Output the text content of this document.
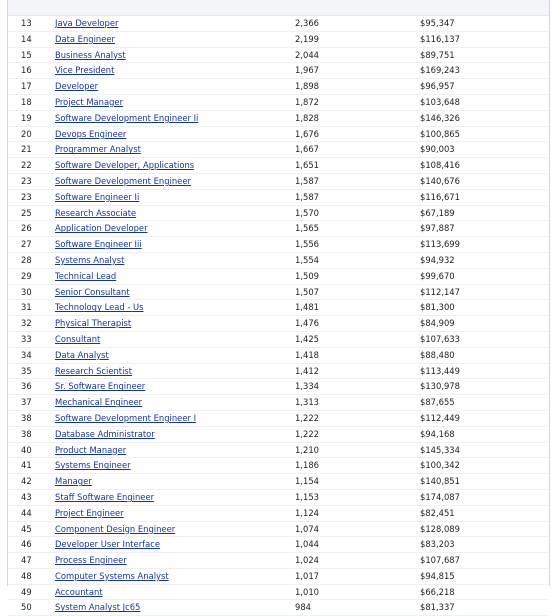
13	Java Developer	2,366	$95,347
14	Data Engineer	2,199	$116,137
15	Business Analyst	2,044	$89,751
16	Vice President	1,967	$169,243
17	Developer	1,898	$96,957
18	Project Manager	1,872	$103,648
19	Software Development Engineer Ii	1,828	$146,326
20	Devops Engineer	1,676	$100,865
21	Programmer Analyst	1,667	$90,003
22	Software Developer, Applications	1,651	$108,416
23	Software Development Engineer	1,587	$140,676
23	Software Engineer Ii	1,587	$116,671
25	Research Associate	1,570	$67,189
26	Application Developer	1,565	$97,887
27	Software Engineer Iii	1,556	$113,699
28	Systems Analyst	1,554	$94,932
29	Technical Lead	1,509	$99,670
30	Senior Consultant	1,507	$112,147
31	Technology Lead - Us	1,481	$81,300
32	Physical Therapist	1,476	$84,909
33	Consultant	1,425	$107,633
34	Data Analyst	1,418	$88,480
35	Research Scientist	1,412	$113,449
36	Sr. Software Engineer	1,334	$130,978
37	Mechanical Engineer	1,313	$87,655
38	Software Development Engineer I	1,222	$112,449
38	Database Administrator	1,222	$94,168
40	Product Manager	1,210	$145,334
41	Systems Engineer	1,186	$100,342
42	Manager	1,154	$140,851
43	Staff Software Engineer	1,153	$174,087
44	Project Engineer	1,124	$82,451
45	Component Design Engineer	1,074	$128,089
46	Developer User Interface	1,044	$83,203
47	Process Engineer	1,024	$107,687
48	Computer Systems Analyst	1,017	$94,815
49	Accountant	1,010	$66,218
50	System Analyst Jc65	984	$81,337
